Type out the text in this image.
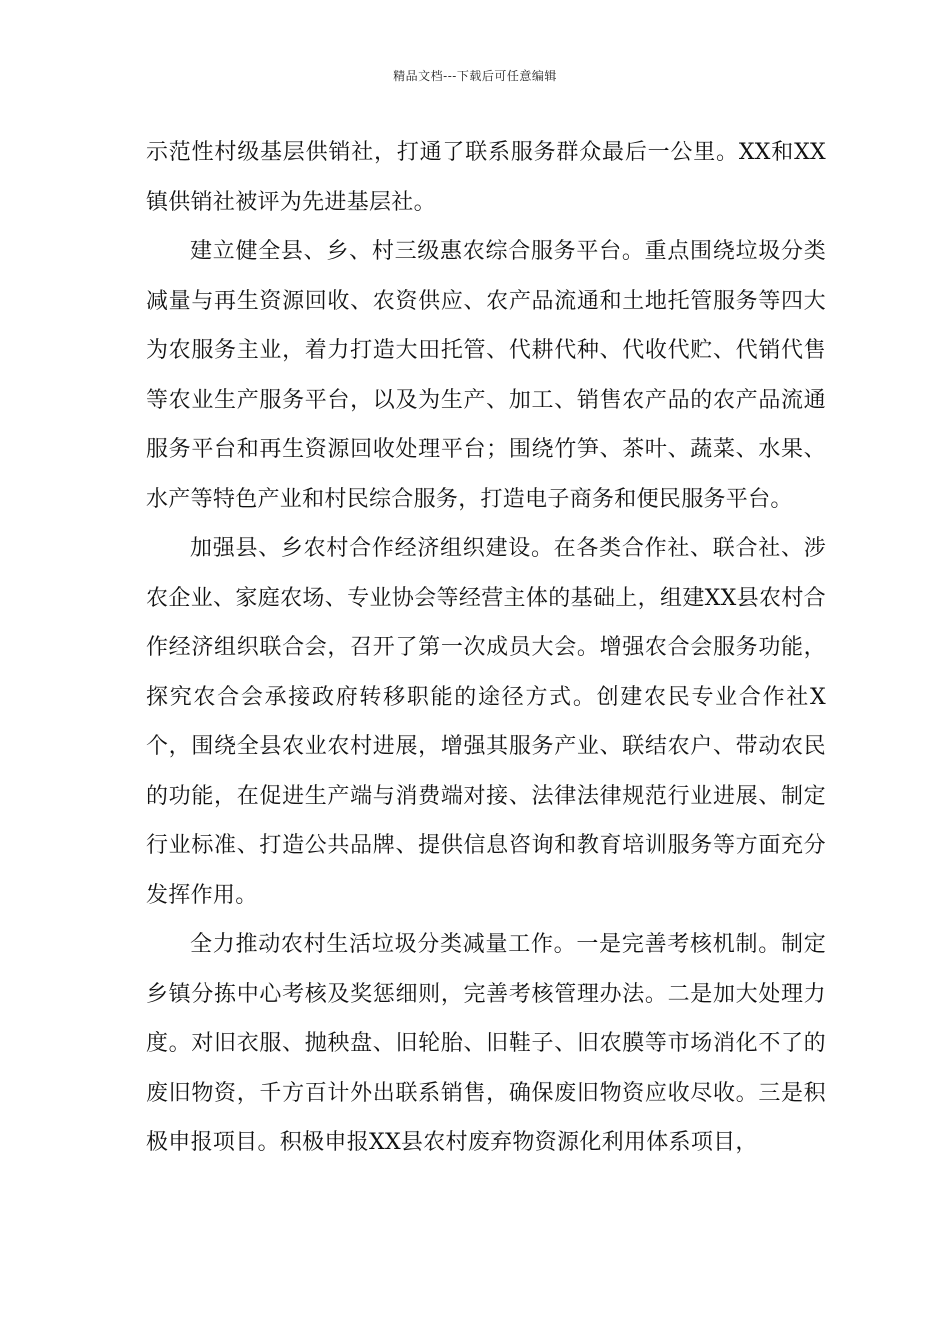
精品文档---下载后可任意编辑

示范性村级基层供销社，打通了联系服务群众最后一公里。XX和XX镇供销社被评为先进基层社。

建立健全县、乡、村三级惠农综合服务平台。重点围绕垃圾分类减量与再生资源回收、农资供应、农产品流通和土地托管服务等四大为农服务主业，着力打造大田托管、代耕代种、代收代贮、代销代售等农业生产服务平台，以及为生产、加工、销售农产品的农产品流通服务平台和再生资源回收处理平台；围绕竹笋、茶叶、蔬菜、水果、水产等特色产业和村民综合服务，打造电子商务和便民服务平台。

加强县、乡农村合作经济组织建设。在各类合作社、联合社、涉农企业、家庭农场、专业协会等经营主体的基础上，组建XX县农村合作经济组织联合会，召开了第一次成员大会。增强农合会服务功能，探究农合会承接政府转移职能的途径方式。创建农民专业合作社X个，围绕全县农业农村进展，增强其服务产业、联结农户、带动农民的功能，在促进生产端与消费端对接、法律法律规范行业进展、制定行业标准、打造公共品牌、提供信息咨询和教育培训服务等方面充分发挥作用。

全力推动农村生活垃圾分类减量工作。一是完善考核机制。制定乡镇分拣中心考核及奖惩细则，完善考核管理办法。二是加大处理力度。对旧衣服、抛秧盘、旧轮胎、旧鞋子、旧农膜等市场消化不了的废旧物资，千方百计外出联系销售，确保废旧物资应收尽收。三是积极申报项目。积极申报XX县农村废弃物资源化利用体系项目，
